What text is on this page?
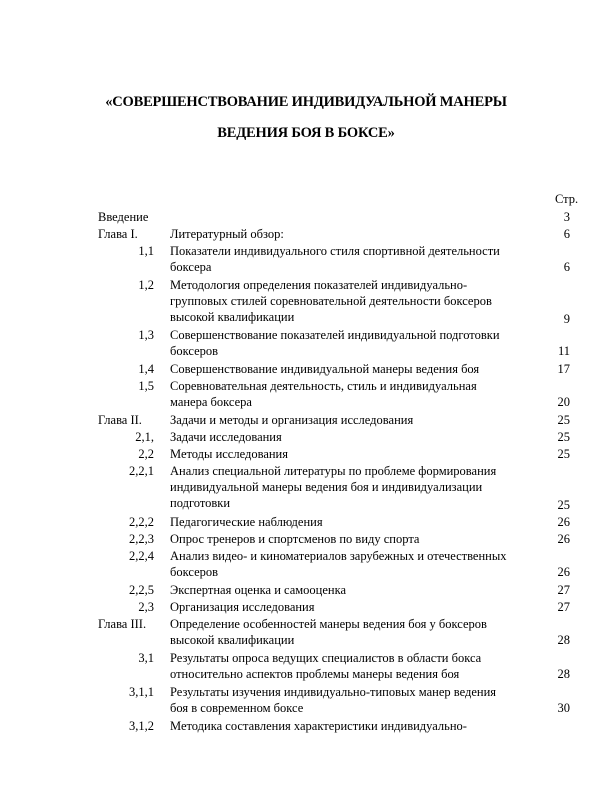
«СОВЕРШЕНСТВОВАНИЕ ИНДИВИДУАЛЬНОЙ МАНЕРЫ
ВЕДЕНИЯ БОЯ В БОКСЕ»
Стр.
Введение	3
Глава I.	Литературный обзор:	6
1,1 Показатели индивидуального стиля спортивной деятельности
боксера	6
1,2 Методология определения показателей индивидуально-
групповых стилей соревновательной деятельности боксеров
высокой квалификации	9
1,3 Совершенствование показателей индивидуальной подготовки
боксеров	11
1,4 Совершенствование индивидуальной манеры ведения боя	17
1,5 Соревновательная деятельность, стиль и индивидуальная
манера боксера	20
Глава II.	Задачи и методы и организация исследования	25
2,1, Задачи исследования	25
2,2 Методы исследования	25
2,2,1 Анализ специальной литературы по проблеме формирования
индивидуальной манеры ведения боя и индивидуализации
подготовки	25
2,2,2 Педагогические наблюдения	26
2,2,3 Опрос тренеров и спортсменов по виду спорта	26
2,2,4 Анализ видео- и киноматериалов зарубежных и отечественных
боксеров	26
2,2,5 Экспертная оценка и самооценка	27
2,3 Организация исследования	27
Глава III.	Определение особенностей манеры ведения боя у боксеров
высокой квалификации	28
3,1 Результаты опроса ведущих специалистов в области бокса
относительно аспектов проблемы манеры ведения боя	28
3,1,1 Результаты изучения индивидуально-типовых манер ведения
боя в современном боксе	30
3,1,2 Методика составления характеристики индивидуально-
